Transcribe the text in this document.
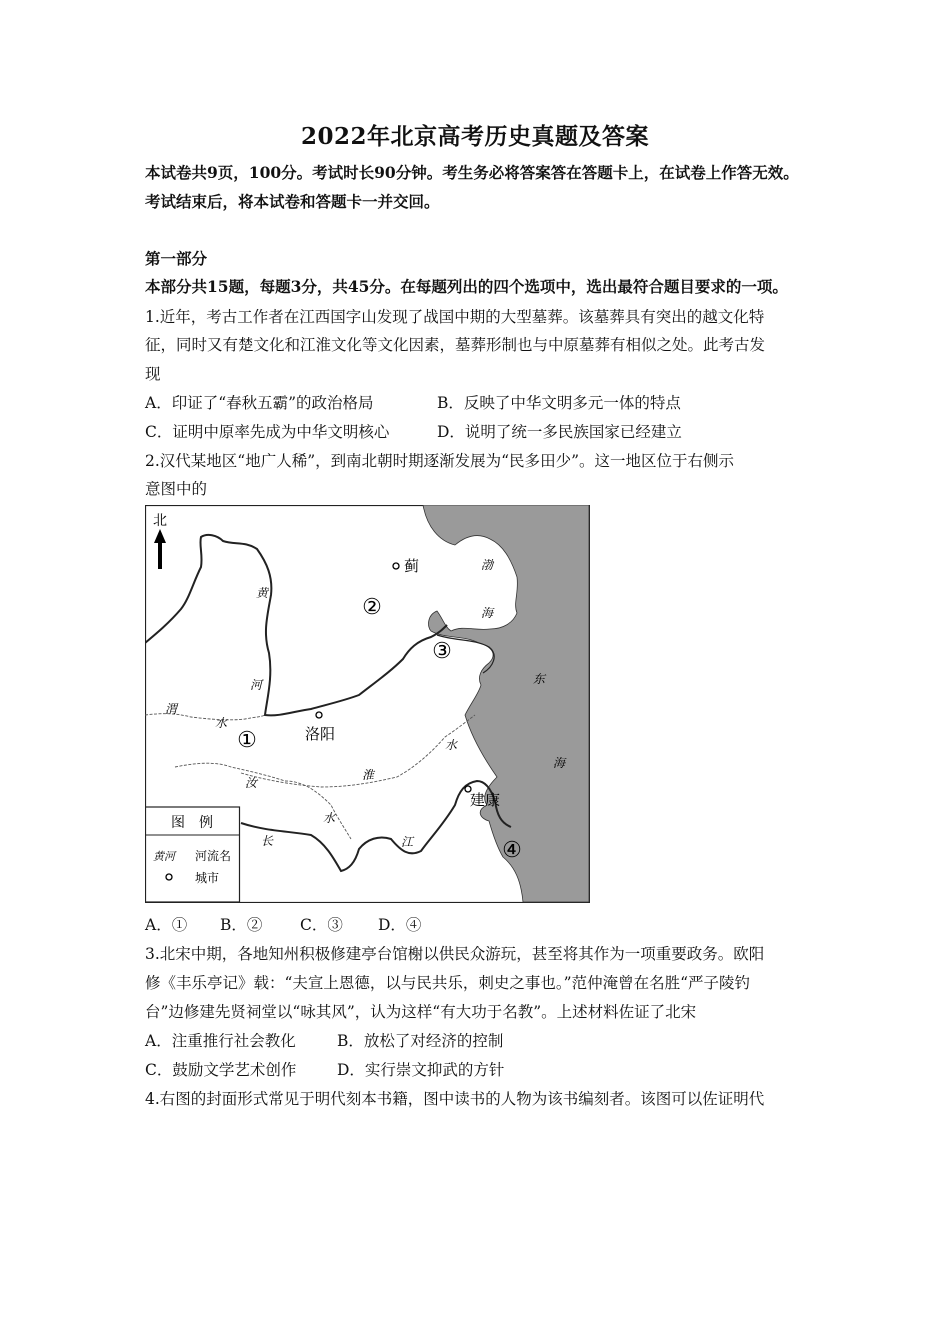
2022年北京高考历史真题及答案
本试卷共9页，100分。考试时长90分钟。考生务必将答案答在答题卡上，在试卷上作答无效。
考试结束后，将本试卷和答题卡一并交回。
第一部分
本部分共15题，每题3分，共45分。在每题列出的四个选项中，选出最符合题目要求的一项。
1.近年，考古工作者在江西国字山发现了战国中期的大型墓葬。该墓葬具有突出的越文化特
征，同时又有楚文化和江淮文化等文化因素，墓葬形制也与中原墓葬有相似之处。此考古发
现
A．印证了“春秋五霸”的政治格局	B．反映了中华文明多元一体的特点
C．证明中原率先成为中华文明核心	D．说明了统一多民族国家已经建立
2.汉代某地区“地广人稀”，到南北朝时期逐渐发展为“民多田少”。这一地区位于右侧示
意图中的
北
蓟
洛阳
建康
①
②
③
④
渤
海
东
海
黄
河
渭
水
淮
水
汝
水
长	江
图　例
黄河 河流名
城市
A．① B．② C．③ D．④
3.北宋中期，各地知州积极修建亭台馆榭以供民众游玩，甚至将其作为一项重要政务。欧阳
修《丰乐亭记》载：“夫宣上恩德，以与民共乐，刺史之事也。”范仲淹曾在名胜“严子陵钓
台”边修建先贤祠堂以“咏其风”，认为这样“有大功于名教”。上述材料佐证了北宋
A．注重推行社会教化	B．放松了对经济的控制
C．鼓励文学艺术创作	D．实行崇文抑武的方针
4.右图的封面形式常见于明代刻本书籍，图中读书的人物为该书编刻者。该图可以佐证明代
